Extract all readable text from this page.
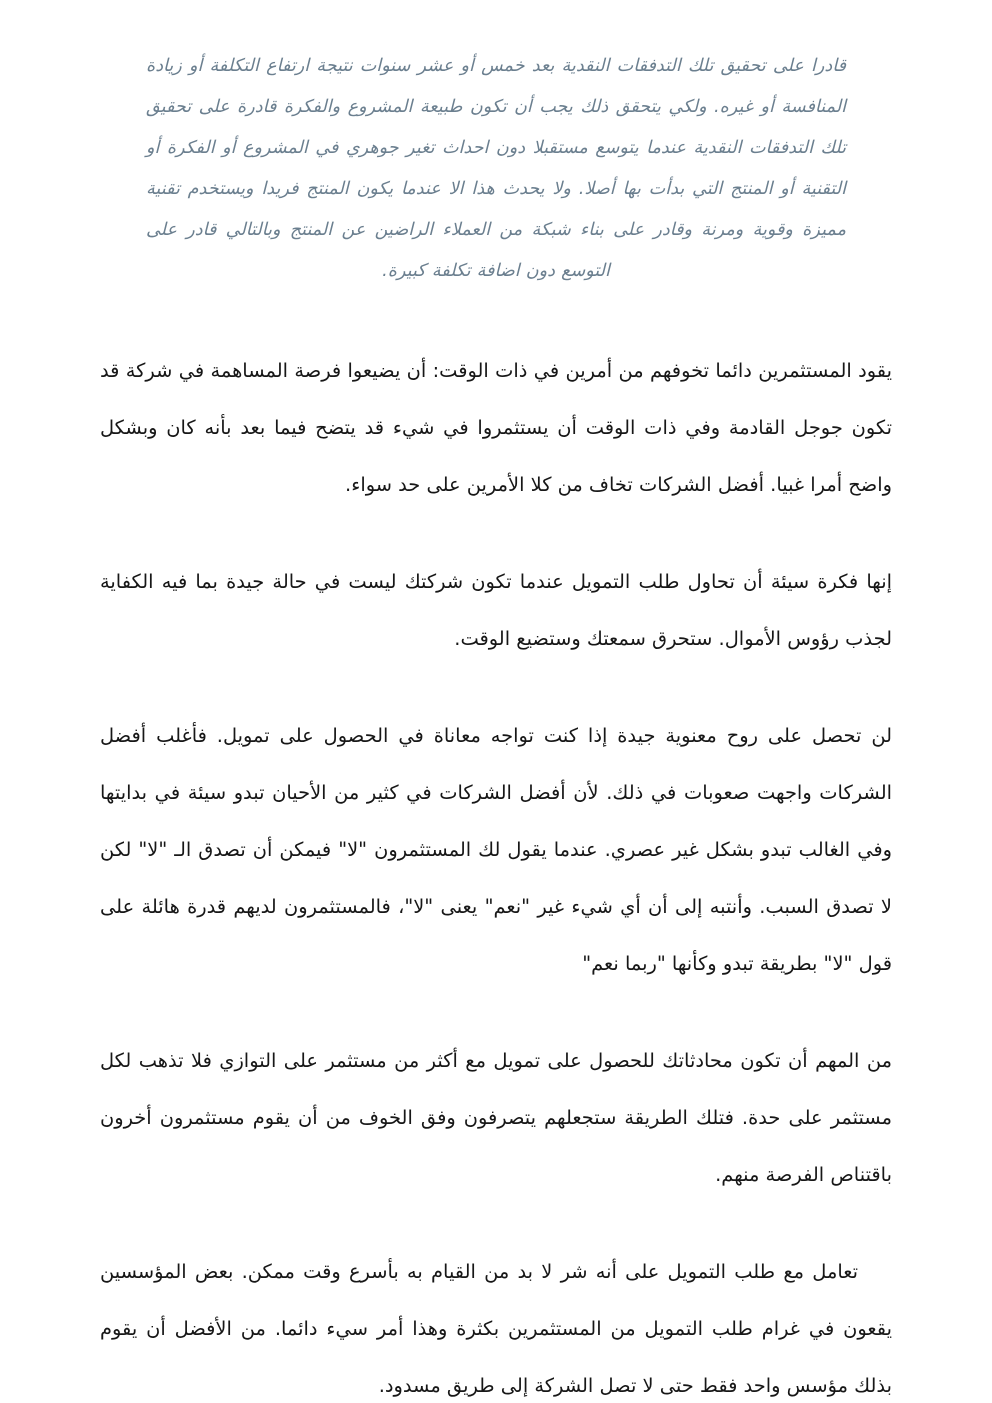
قادرا على تحقيق تلك التدفقات النقدية بعد خمس أو عشر سنوات نتيجة ارتفاع التكلفة أو زيادة المنافسة أو غيره. ولكي يتحقق ذلك يجب أن تكون طبيعة المشروع والفكرة قادرة على تحقيق تلك التدفقات النقدية عندما يتوسع مستقبلا دون احداث تغير جوهري في المشروع أو الفكرة أو التقنية أو المنتج التي بدأت بها أصلا. ولا يحدث هذا الا عندما يكون المنتج فريدا ويستخدم تقنية مميزة وقوية ومرنة وقادر على بناء شبكة من العملاء الراضين عن المنتج وبالتالي قادر على التوسع دون اضافة تكلفة كبيرة.

يقود المستثمرين دائما تخوفهم من أمرين في ذات الوقت: أن يضيعوا فرصة المساهمة في شركة قد تكون جوجل القادمة وفي ذات الوقت أن يستثمروا في شيء قد يتضح فيما بعد بأنه كان وبشكل واضح أمرا غبيا. أفضل الشركات تخاف من كلا الأمرين على حد سواء.

إنها فكرة سيئة أن تحاول طلب التمويل عندما تكون شركتك ليست في حالة جيدة بما فيه الكفاية لجذب رؤوس الأموال. ستحرق سمعتك وستضيع الوقت.

لن تحصل على روح معنوية جيدة إذا كنت تواجه معاناة في الحصول على تمويل. فأغلب أفضل الشركات واجهت صعوبات في ذلك. لأن أفضل الشركات في كثير من الأحيان تبدو سيئة في بدايتها وفي الغالب تبدو بشكل غير عصري. عندما يقول لك المستثمرون "لا" فيمكن أن تصدق الـ "لا" لكن لا تصدق السبب. وأنتبه إلى أن أي شيء غير "نعم" يعنى "لا"، فالمستثمرون لديهم قدرة هائلة على قول "لا" بطريقة تبدو وكأنها "ربما نعم"

من المهم أن تكون محادثاتك للحصول على تمويل مع أكثر من مستثمر على التوازي فلا تذهب لكل مستثمر على حدة. فتلك الطريقة ستجعلهم يتصرفون وفق الخوف من أن يقوم مستثمرون أخرون باقتناص الفرصة منهم.

تعامل مع طلب التمويل على أنه شر لا بد من القيام به بأسرع وقت ممكن. بعض المؤسسين يقعون في غرام طلب التمويل من المستثمرين بكثرة وهذا أمر سيء دائما. من الأفضل أن يقوم بذلك مؤسس واحد فقط حتى لا تصل الشركة إلى طريق مسدود.
